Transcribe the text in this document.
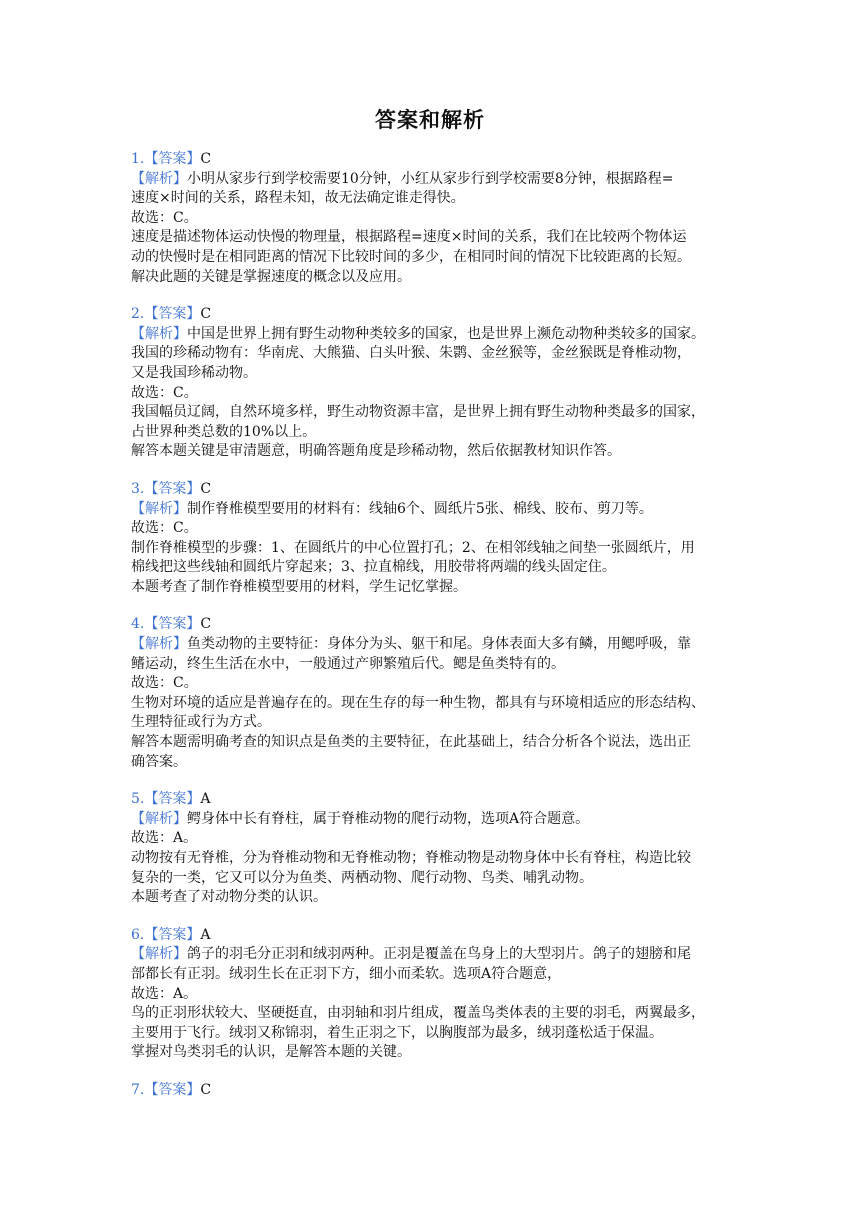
答案和解析
1.【答案】C
【解析】小明从家步行到学校需要10分钟，小红从家步行到学校需要8分钟，根据路程=
速度×时间的关系，路程未知，故无法确定谁走得快。
故选：C。
速度是描述物体运动快慢的物理量，根据路程=速度×时间的关系，我们在比较两个物体运
动的快慢时是在相同距离的情况下比较时间的多少，在相同时间的情况下比较距离的长短。
解决此题的关键是掌握速度的概念以及应用。
2.【答案】C
【解析】中国是世界上拥有野生动物种类较多的国家，也是世界上濒危动物种类较多的国家。
我国的珍稀动物有：华南虎、大熊猫、白头叶猴、朱鹮、金丝猴等，金丝猴既是脊椎动物，
又是我国珍稀动物。
故选：C。
我国幅员辽阔，自然环境多样，野生动物资源丰富，是世界上拥有野生动物种类最多的国家，
占世界种类总数的10%以上。
解答本题关键是审清题意，明确答题角度是珍稀动物，然后依据教材知识作答。
3.【答案】C
【解析】制作脊椎模型要用的材料有：线轴6个、圆纸片5张、棉线、胶布、剪刀等。
故选：C。
制作脊椎模型的步骤：1、在圆纸片的中心位置打孔；2、在相邻线轴之间垫一张圆纸片，用
棉线把这些线轴和圆纸片穿起来；3、拉直棉线，用胶带将两端的线头固定住。
本题考查了制作脊椎模型要用的材料，学生记忆掌握。
4.【答案】C
【解析】鱼类动物的主要特征：身体分为头、躯干和尾。身体表面大多有鳞，用鳃呼吸，靠
鳍运动，终生生活在水中，一般通过产卵繁殖后代。鳃是鱼类特有的。
故选：C。
生物对环境的适应是普遍存在的。现在生存的每一种生物，都具有与环境相适应的形态结构、
生理特征或行为方式。
解答本题需明确考查的知识点是鱼类的主要特征，在此基础上，结合分析各个说法，选出正
确答案。
5.【答案】A
【解析】鳄身体中长有脊柱，属于脊椎动物的爬行动物，选项A符合题意。
故选：A。
动物按有无脊椎，分为脊椎动物和无脊椎动物；脊椎动物是动物身体中长有脊柱，构造比较
复杂的一类，它又可以分为鱼类、两栖动物、爬行动物、鸟类、哺乳动物。
本题考查了对动物分类的认识。
6.【答案】A
【解析】鸽子的羽毛分正羽和绒羽两种。正羽是覆盖在鸟身上的大型羽片。鸽子的翅膀和尾
部都长有正羽。绒羽生长在正羽下方，细小而柔软。选项A符合题意，
故选：A。
鸟的正羽形状较大、坚硬挺直，由羽轴和羽片组成，覆盖鸟类体表的主要的羽毛，两翼最多，
主要用于飞行。绒羽又称锦羽，着生正羽之下，以胸腹部为最多，绒羽蓬松适于保温。
掌握对鸟类羽毛的认识，是解答本题的关键。
7.【答案】C
